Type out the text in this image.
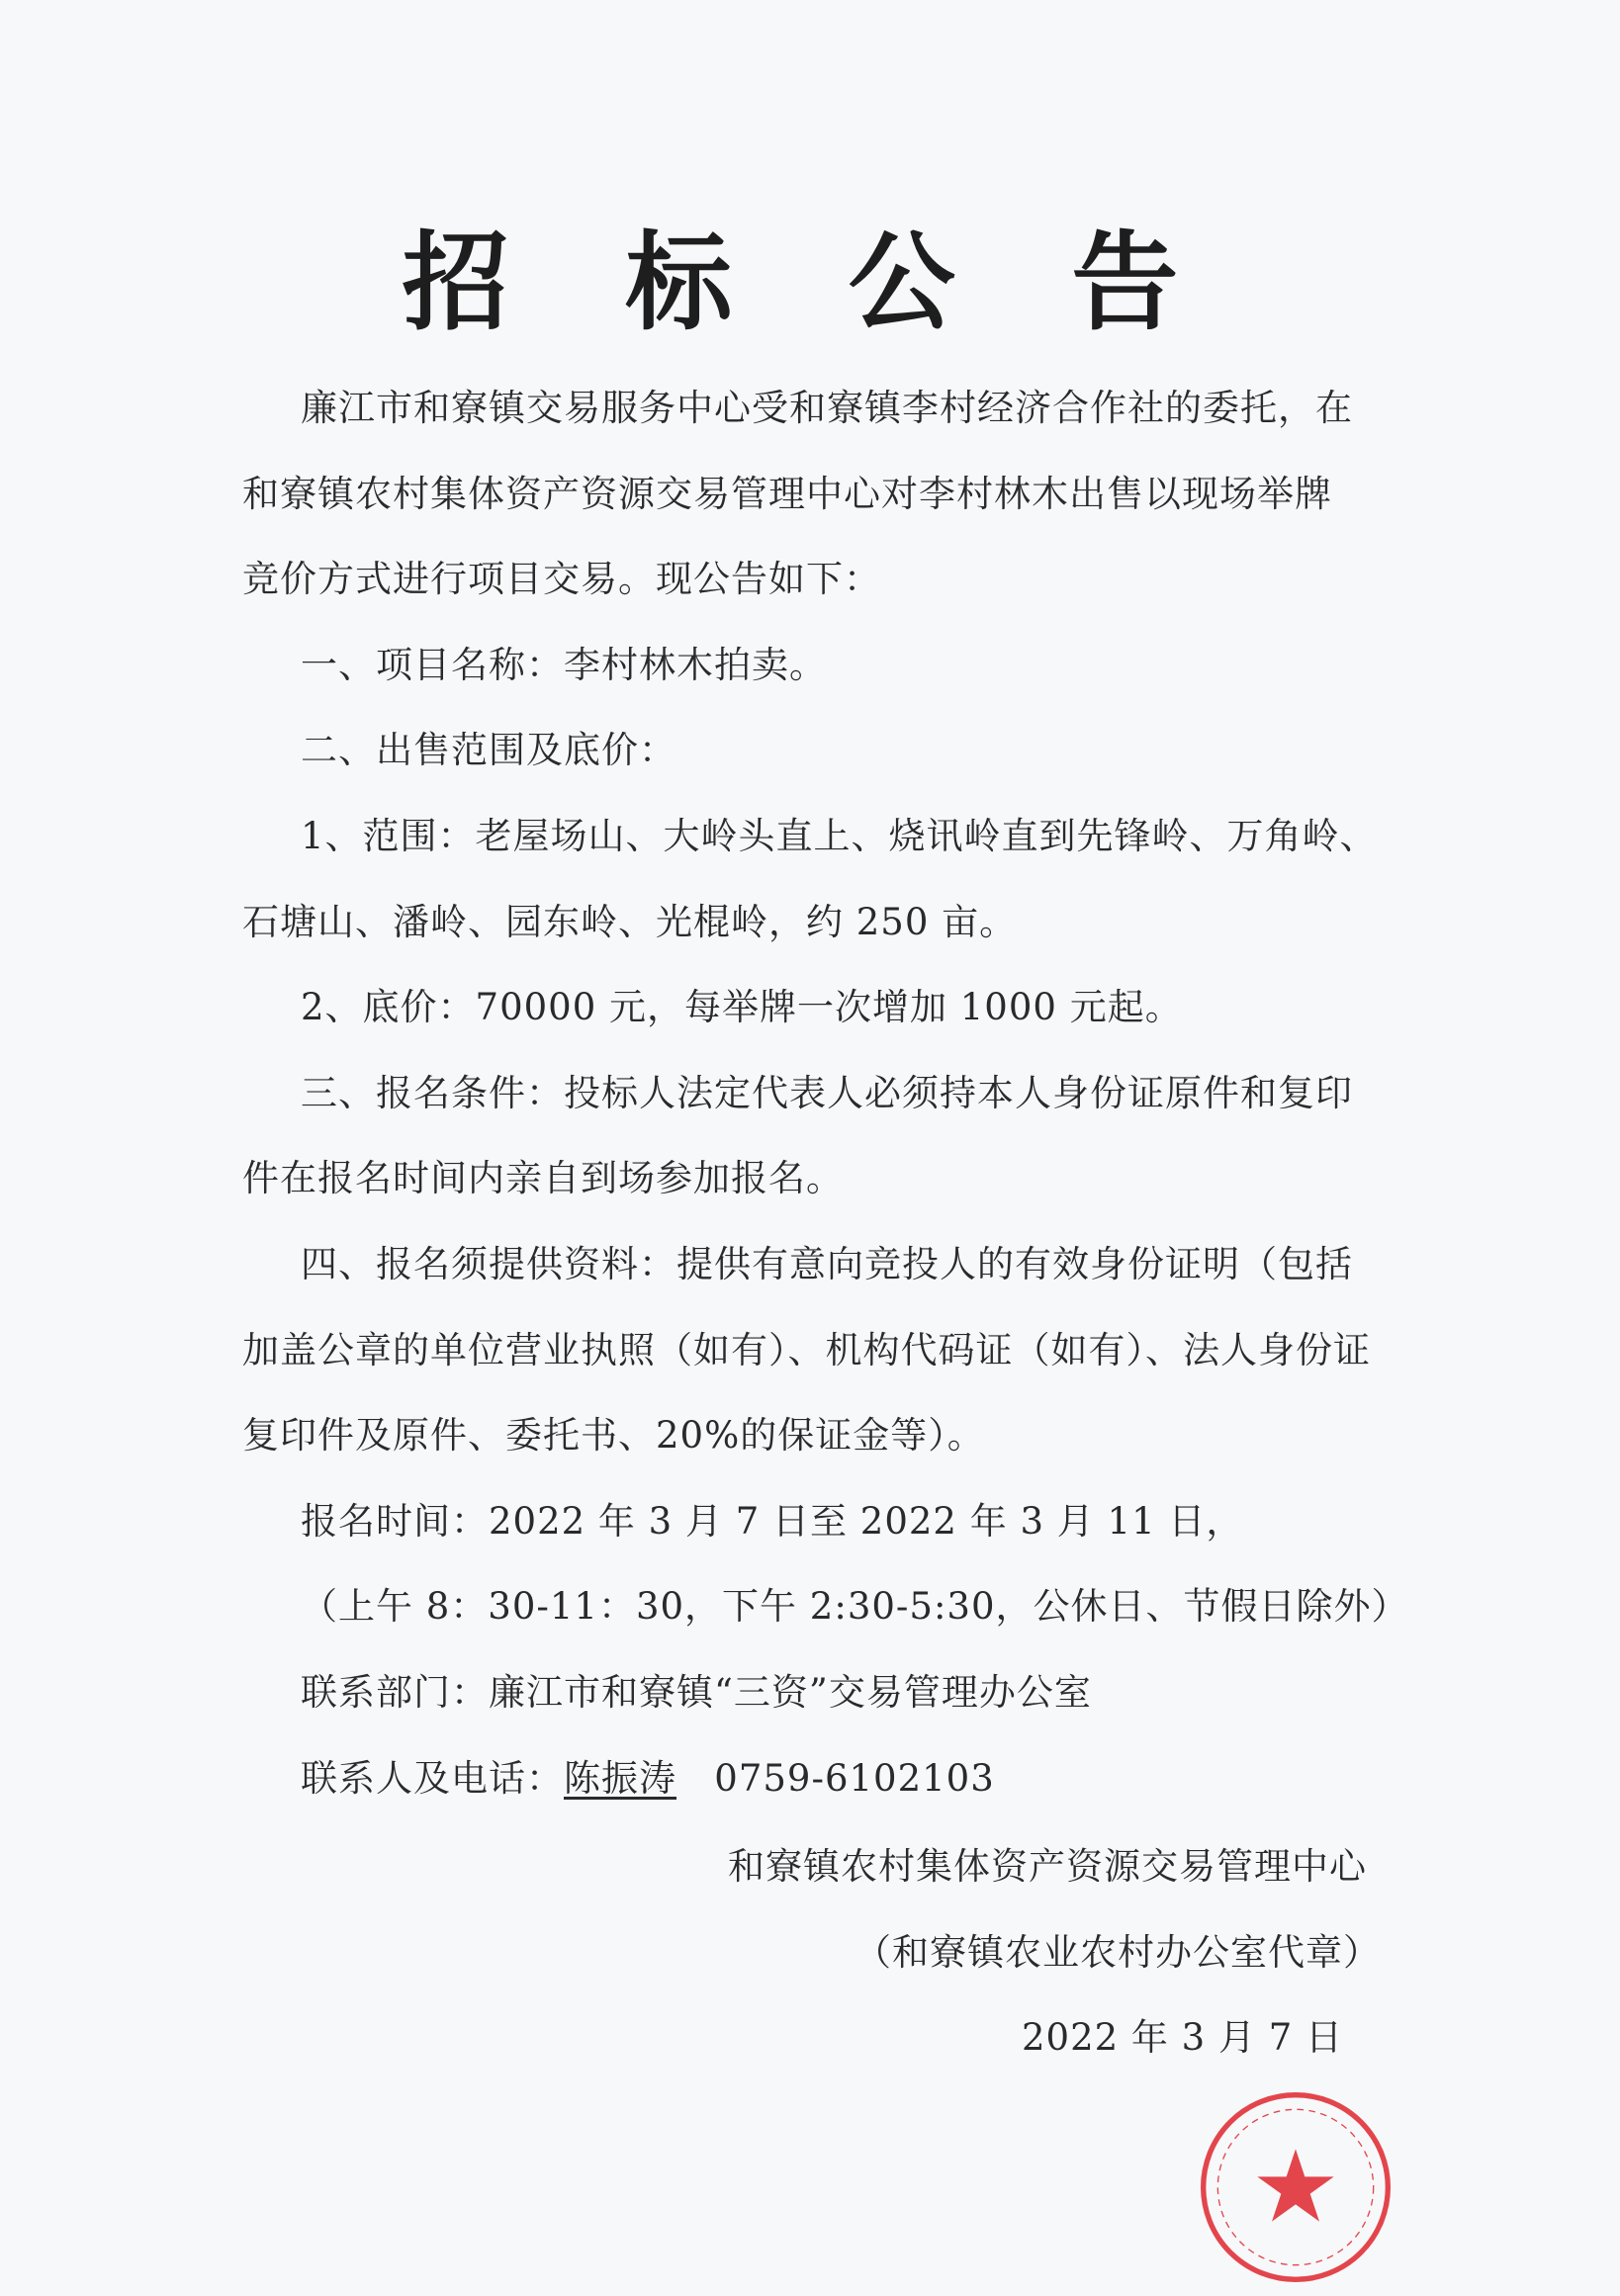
招 标 公 告
廉江市和寮镇交易服务中心受和寮镇李村经济合作社的委托，在
和寮镇农村集体资产资源交易管理中心对李村林木出售以现场举牌
竞价方式进行项目交易。现公告如下：
一、项目名称：李村林木拍卖。
二、出售范围及底价：
1、范围：老屋场山、大岭头直上、烧讯岭直到先锋岭、万角岭、
石塘山、潘岭、园东岭、光棍岭，约 250 亩。
2、底价：70000 元，每举牌一次增加 1000 元起。
三、报名条件：投标人法定代表人必须持本人身份证原件和复印
件在报名时间内亲自到场参加报名。
四、报名须提供资料：提供有意向竞投人的有效身份证明（包括
加盖公章的单位营业执照（如有）、机构代码证（如有）、法人身份证
复印件及原件、委托书、20%的保证金等）。
报名时间：2022 年 3 月 7 日至 2022 年 3 月 11 日，
（上午 8：30-11：30，下午 2:30-5:30，公休日、节假日除外）
联系部门：廉江市和寮镇“三资”交易管理办公室
联系人及电话：陈振涛 0759-6102103
和寮镇农村集体资产资源交易管理中心
（和寮镇农业农村办公室代章）
2022 年 3 月 7 日
